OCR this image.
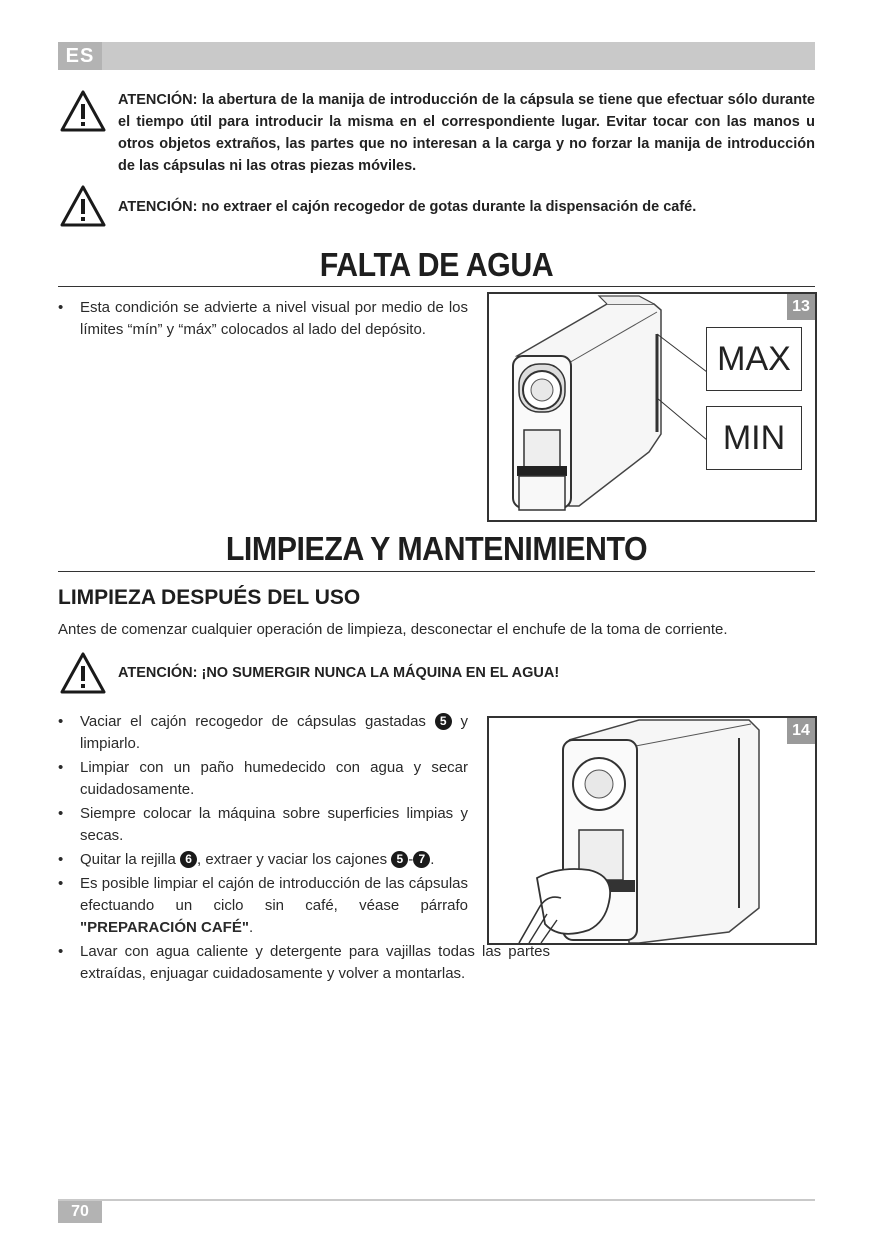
ES
ATENCIÓN: la abertura de la manija de introducción de la cápsula se tiene que efectuar sólo durante el tiempo útil para introducir la misma en el correspondiente lugar. Evitar tocar con las manos u otros objetos extraños, las partes que no interesan a la carga y no forzar la manija de introducción de las cápsulas ni las otras piezas móviles.
ATENCIÓN: no extraer el cajón recogedor de gotas durante la dispensación de café.
FALTA DE AGUA
• Esta condición se advierte a nivel visual por medio de los límites “mín” y “máx” colocados al lado del depósito.
13
MAX
MIN
LIMPIEZA Y MANTENIMIENTO
LIMPIEZA DESPUÉS DEL USO
Antes de comenzar cualquier operación de limpieza, desconectar el enchufe de la toma de corriente.
ATENCIÓN: ¡NO SUMERGIR NUNCA LA MÁQUINA EN EL AGUA!
14
• Vaciar el cajón recogedor de cápsulas gastadas 5 y limpiarlo.
• Limpiar con un paño humedecido con agua y secar cuidadosamente.
• Siempre colocar la máquina sobre superficies limpias y secas.
• Quitar la rejilla 6 , extraer y vaciar los cajones 5 - 7 .
• Es posible limpiar el cajón de introducción de las cápsulas efectuando un ciclo sin café, véase párrafo "PREPARACIÓN CAFÉ".
• Lavar con agua caliente y detergente para vajillas todas las partes extraídas, enjuagar cuidadosamente y volver a montarlas.
70
